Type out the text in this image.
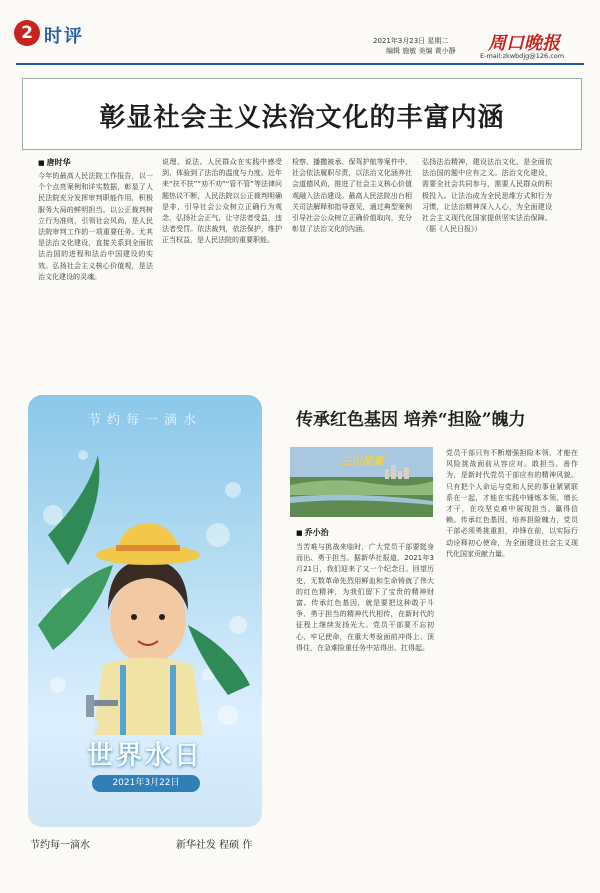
2 时评	2021年3月23日 星期二
编辑 施敏 美编 黄小静 周口晚报
E-mail:zkwbdjg@126.com
彰显社会主义法治文化的丰富内涵
■ 唐时华
今年的最高人民法院工作报告，以一个个点亮案例和详实数据，彰显了人民法院充分发挥审判职能作用，积极服务大局的鲜明担当。以公正裁判树立行为准则，引领社会风尚，是人民法院审判工作的一项重要任务。尤其是法治文化建设，直接关系到全面依法治国的进程和法治中国建设的实效。弘扬社会主义核心价值观，是法治文化建设的灵魂。
说理、说法。人民群众在实践中感受到、体验到了法治的温度与力度。近年来“扶不扶”“劝不劝”“管不管”等法律问题热议不断，人民法院以公正裁判明确是非，引导社会公众树立正确行为观念，弘扬社会正气，让守法者受益，违法者受罚。依法裁判，依法保护，维护正当权益，是人民法院的重要职能。
检察、播撒被承、保驾护航等案件中，社会依法履职尽责，以法治文化涵养社会道德风尚，推进了社会主义核心价值观融入法治建设。最高人民法院出台相关司法解释和指导意见，通过典型案例引导社会公众树立正确价值取向，充分彰显了法治文化的内涵。
弘扬法治精神，建设法治文化，是全面依法治国的题中应有之义。法治文化建设，需要全社会共同参与，需要人民群众的积极投入。让法治成为全民思维方式和行为习惯，让法治精神深入人心，为全面建设社会主义现代化国家提供坚实法治保障。（据《人民日报》）
节约每一滴水
世界水日
2021年3月22日
节约每一滴水	新华社发 程硕 作
传承红色基因 培养“担险”魄力
三川原素
■ 乔小治
当苦难与挑战来临时，广大党员干部要挺身而出、勇于担当。据新华社报道，2021年3月21日，我们迎来了又一个纪念日。回望历史，无数革命先烈用鲜血和生命铸就了伟大的红色精神，为我们留下了宝贵的精神财富。传承红色基因，就是要把这种敢于斗争、勇于担当的精神代代相传，在新时代的征程上继续发扬光大。党员干部要不忘初心、牢记使命，在重大考验面前冲得上、顶得住，在急难险重任务中站得出、扛得起。
党员干部只有不断增强担险本领，才能在风险挑战面前从容应对。敢担当、善作为，是新时代党员干部应有的精神风貌。只有把个人命运与党和人民的事业紧紧联系在一起，才能在实践中锤炼本领、增长才干，在攻坚克难中展现担当、赢得信赖。传承红色基因，培养担险魄力，党员干部必须勇挑重担，冲锋在前，以实际行动诠释初心使命，为全面建设社会主义现代化国家贡献力量。
